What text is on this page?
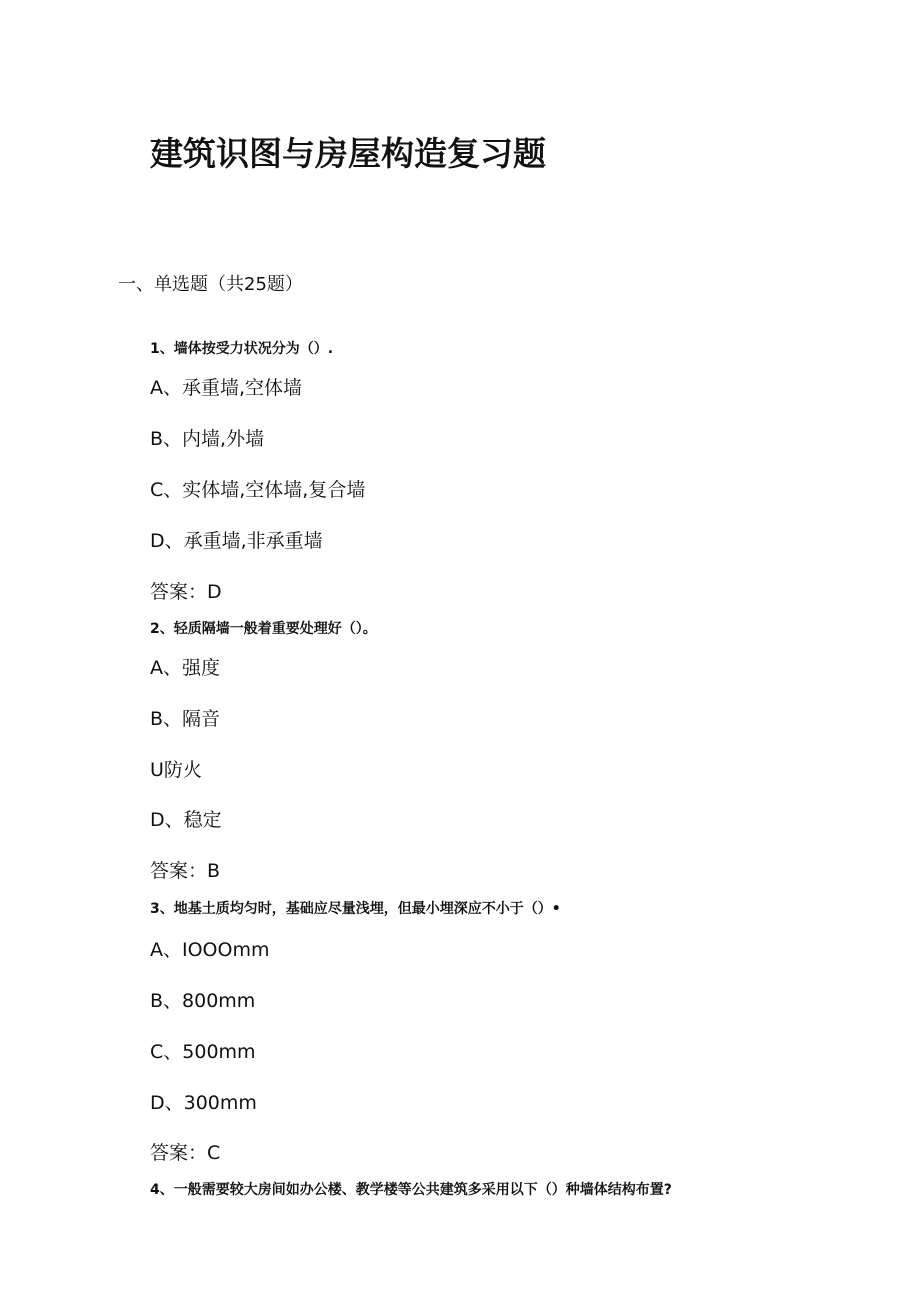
建筑识图与房屋构造复习题
一、单选题（共25题）
1、墙体按受力状况分为（）.
A、承重墙,空体墙
B、内墙,外墙
C、实体墙,空体墙,复合墙
D、承重墙,非承重墙
答案：D
2、轻质隔墙一般着重要处理好（）。
A、强度
B、隔音
U防火
D、稳定
答案：B
3、地基土质均匀时，基础应尽量浅埋，但最小埋深应不小于（）•
A、IOOOmm
B、800mm
C、500mm
D、300mm
答案：C
4、一般需要较大房间如办公楼、教学楼等公共建筑多采用以下（）种墙体结构布置?
